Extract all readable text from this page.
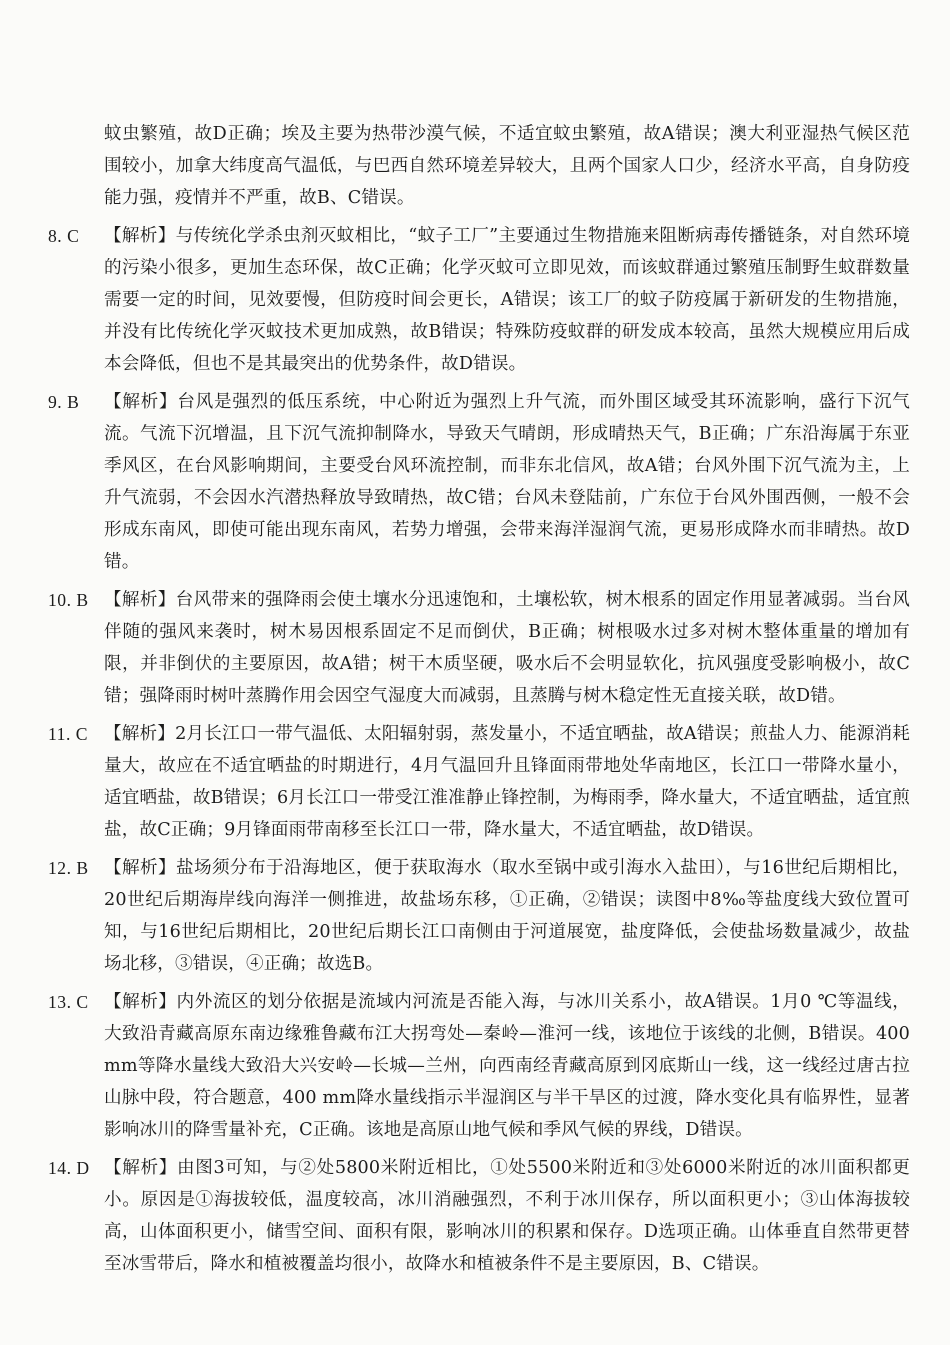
蚊虫繁殖，故D正确；埃及主要为热带沙漠气候，不适宜蚊虫繁殖，故A错误；澳大利亚湿热气候区范围较小，加拿大纬度高气温低，与巴西自然环境差异较大，且两个国家人口少，经济水平高，自身防疫能力强，疫情并不严重，故B、C错误。

8. C	【解析】与传统化学杀虫剂灭蚊相比，“蚊子工厂”主要通过生物措施来阻断病毒传播链条，对自然环境的污染小很多，更加生态环保，故C正确；化学灭蚊可立即见效，而该蚊群通过繁殖压制野生蚊群数量需要一定的时间，见效要慢，但防疫时间会更长，A错误；该工厂的蚊子防疫属于新研发的生物措施，并没有比传统化学灭蚊技术更加成熟，故B错误；特殊防疫蚊群的研发成本较高，虽然大规模应用后成本会降低，但也不是其最突出的优势条件，故D错误。
9. B	【解析】台风是强烈的低压系统，中心附近为强烈上升气流，而外围区域受其环流影响，盛行下沉气流。气流下沉增温，且下沉气流抑制降水，导致天气晴朗，形成晴热天气，B正确；广东沿海属于东亚季风区，在台风影响期间，主要受台风环流控制，而非东北信风，故A错；台风外围下沉气流为主，上升气流弱，不会因水汽潜热释放导致晴热，故C错；台风未登陆前，广东位于台风外围西侧，一般不会形成东南风，即使可能出现东南风，若势力增强，会带来海洋湿润气流，更易形成降水而非晴热。故D错。
10. B 【解析】台风带来的强降雨会使土壤水分迅速饱和，土壤松软，树木根系的固定作用显著减弱。当台风伴随的强风来袭时，树木易因根系固定不足而倒伏，B正确；树根吸水过多对树木整体重量的增加有限，并非倒伏的主要原因，故A错；树干木质坚硬，吸水后不会明显软化，抗风强度受影响极小，故C错；强降雨时树叶蒸腾作用会因空气湿度大而减弱，且蒸腾与树木稳定性无直接关联，故D错。
11. C 【解析】2月长江口一带气温低、太阳辐射弱，蒸发量小，不适宜晒盐，故A错误；煎盐人力、能源消耗量大，故应在不适宜晒盐的时期进行，4月气温回升且锋面雨带地处华南地区，长江口一带降水量小，适宜晒盐，故B错误；6月长江口一带受江淮准静止锋控制，为梅雨季，降水量大，不适宜晒盐，适宜煎盐，故C正确；9月锋面雨带南移至长江口一带，降水量大，不适宜晒盐，故D错误。
12. B 【解析】盐场须分布于沿海地区，便于获取海水（取水至锅中或引海水入盐田），与16世纪后期相比，20世纪后期海岸线向海洋一侧推进，故盐场东移，①正确，②错误；读图中8‰等盐度线大致位置可知，与16世纪后期相比，20世纪后期长江口南侧由于河道展宽，盐度降低，会使盐场数量减少，故盐场北移，③错误，④正确；故选B。
13. C 【解析】内外流区的划分依据是流域内河流是否能入海，与冰川关系小，故A错误。1月0 ℃等温线，大致沿青藏高原东南边缘雅鲁藏布江大拐弯处—秦岭—淮河一线，该地位于该线的北侧，B错误。400 mm等降水量线大致沿大兴安岭—长城—兰州，向西南经青藏高原到冈底斯山一线，这一线经过唐古拉山脉中段，符合题意，400 mm降水量线指示半湿润区与半干旱区的过渡，降水变化具有临界性，显著影响冰川的降雪量补充，C正确。该地是高原山地气候和季风气候的界线，D错误。
14. D 【解析】由图3可知，与②处5800米附近相比，①处5500米附近和③处6000米附近的冰川面积都更小。原因是①海拔较低，温度较高，冰川消融强烈，不利于冰川保存，所以面积更小；③山体海拔较高，山体面积更小，储雪空间、面积有限，影响冰川的积累和保存。D选项正确。山体垂直自然带更替至冰雪带后，降水和植被覆盖均很小，故降水和植被条件不是主要原因，B、C错误。
